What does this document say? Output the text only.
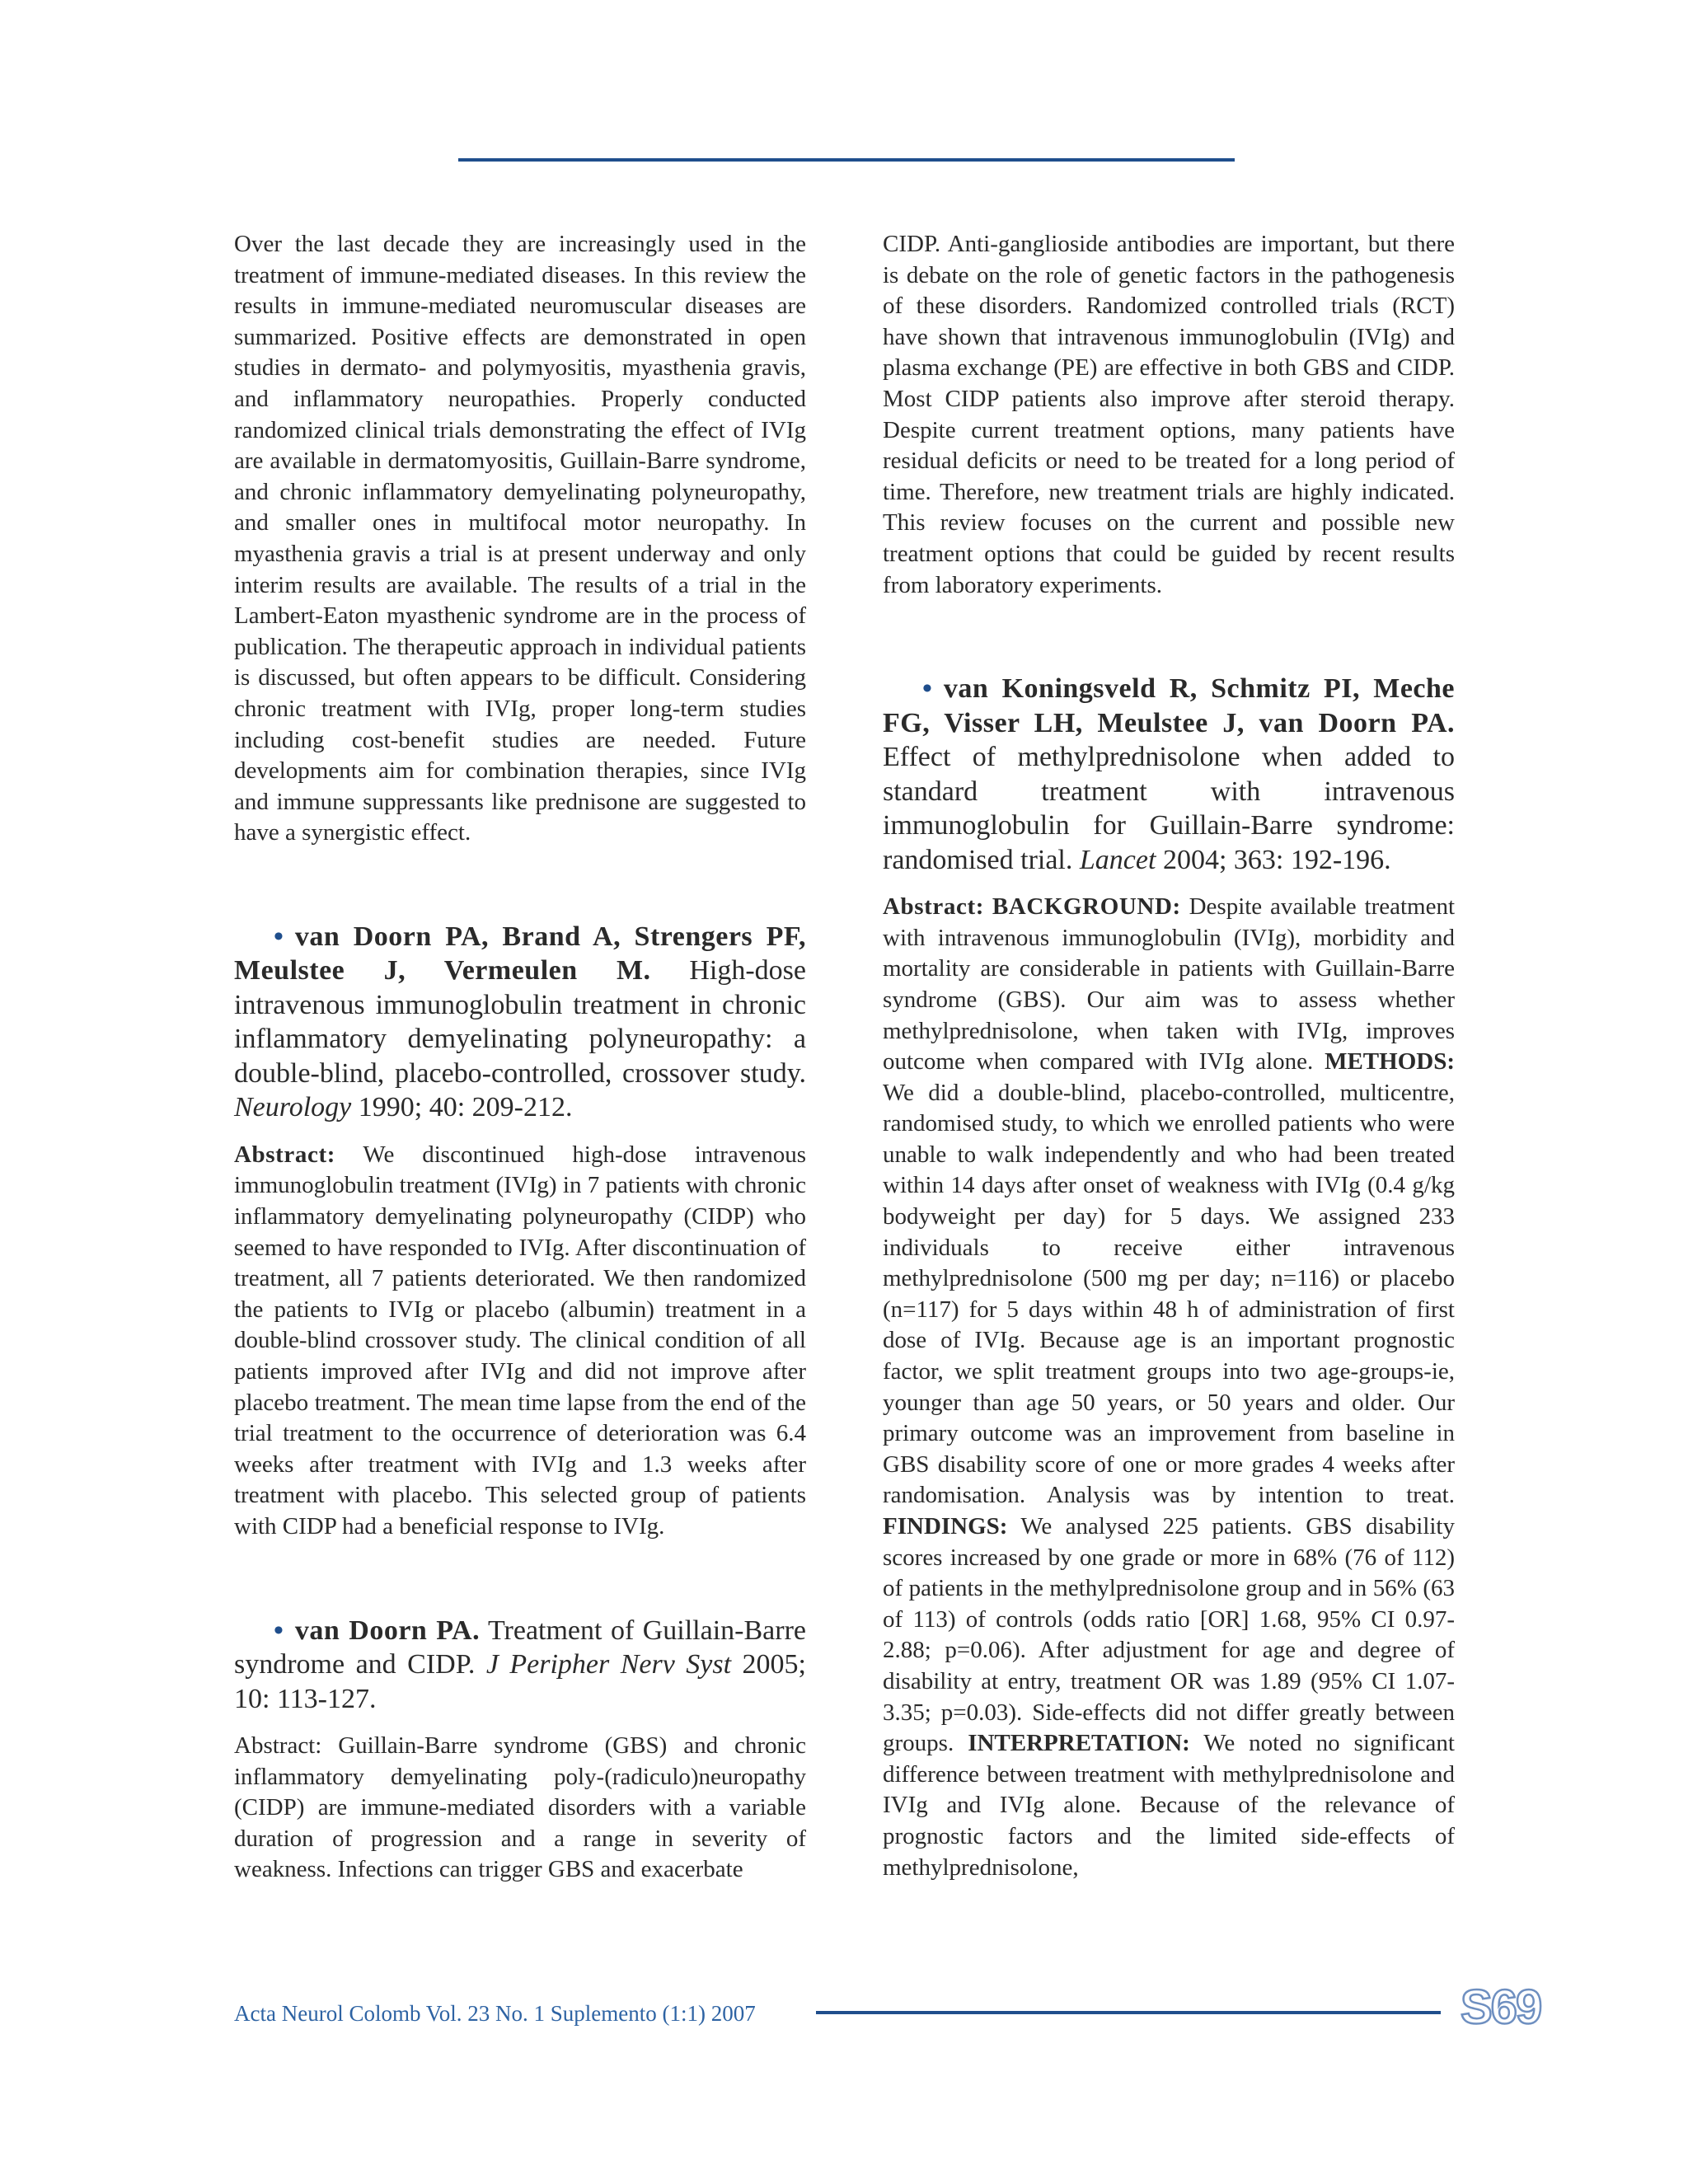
Over the last decade they are increasingly used in the treatment of immune-mediated diseases. In this review the results in immune-mediated neuromuscular diseases are summarized. Positive effects are demonstrated in open studies in dermato- and polymyositis, myasthenia gravis, and inflammatory neuropathies. Properly conducted randomized clinical trials demonstrating the effect of IVIg are available in dermatomyositis, Guillain-Barre syndrome, and chronic inflammatory demyelinating polyneuropathy, and smaller ones in multifocal motor neuropathy. In myasthenia gravis a trial is at present underway and only interim results are available. The results of a trial in the Lambert-Eaton myasthenic syndrome are in the process of publication. The therapeutic approach in individual patients is discussed, but often appears to be difficult. Considering chronic treatment with IVIg, proper long-term studies including cost-benefit studies are needed. Future developments aim for combination therapies, since IVIg and immune suppressants like prednisone are suggested to have a synergistic effect.

• van Doorn PA, Brand A, Strengers PF, Meulstee J, Vermeulen M. High-dose intravenous immunoglobulin treatment in chronic inflammatory demyelinating polyneuropathy: a double-blind, placebo-controlled, crossover study. Neurology 1990; 40: 209-212.

Abstract: We discontinued high-dose intravenous immunoglobulin treatment (IVIg) in 7 patients with chronic inflammatory demyelinating polyneuropathy (CIDP) who seemed to have responded to IVIg. After discontinuation of treatment, all 7 patients deteriorated. We then randomized the patients to IVIg or placebo (albumin) treatment in a double-blind crossover study. The clinical condition of all patients improved after IVIg and did not improve after placebo treatment. The mean time lapse from the end of the trial treatment to the occurrence of deterioration was 6.4 weeks after treatment with IVIg and 1.3 weeks after treatment with placebo. This selected group of patients with CIDP had a beneficial response to IVIg.

• van Doorn PA. Treatment of Guillain-Barre syndrome and CIDP. J Peripher Nerv Syst 2005; 10: 113-127.

Abstract: Guillain-Barre syndrome (GBS) and chronic inflammatory demyelinating poly-(radiculo)neuropathy (CIDP) are immune-mediated disorders with a variable duration of progression and a range in severity of weakness. Infections can trigger GBS and exacerbate

CIDP. Anti-ganglioside antibodies are important, but there is debate on the role of genetic factors in the pathogenesis of these disorders. Randomized controlled trials (RCT) have shown that intravenous immunoglobulin (IVIg) and plasma exchange (PE) are effective in both GBS and CIDP. Most CIDP patients also improve after steroid therapy. Despite current treatment options, many patients have residual deficits or need to be treated for a long period of time. Therefore, new treatment trials are highly indicated. This review focuses on the current and possible new treatment options that could be guided by recent results from laboratory experiments.

• van Koningsveld R, Schmitz PI, Meche FG, Visser LH, Meulstee J, van Doorn PA. Effect of methylprednisolone when added to standard treatment with intravenous immunoglobulin for Guillain-Barre syndrome: randomised trial. Lancet 2004; 363: 192-196.

Abstract: BACKGROUND: Despite available treatment with intravenous immunoglobulin (IVIg), morbidity and mortality are considerable in patients with Guillain-Barre syndrome (GBS). Our aim was to assess whether methylprednisolone, when taken with IVIg, improves outcome when compared with IVIg alone. METHODS: We did a double-blind, placebo-controlled, multicentre, randomised study, to which we enrolled patients who were unable to walk independently and who had been treated within 14 days after onset of weakness with IVIg (0.4 g/kg bodyweight per day) for 5 days. We assigned 233 individuals to receive either intravenous methylprednisolone (500 mg per day; n=116) or placebo (n=117) for 5 days within 48 h of administration of first dose of IVIg. Because age is an important prognostic factor, we split treatment groups into two age-groups-ie, younger than age 50 years, or 50 years and older. Our primary outcome was an improvement from baseline in GBS disability score of one or more grades 4 weeks after randomisation. Analysis was by intention to treat. FINDINGS: We analysed 225 patients. GBS disability scores increased by one grade or more in 68% (76 of 112) of patients in the methylprednisolone group and in 56% (63 of 113) of controls (odds ratio [OR] 1.68, 95% CI 0.97-2.88; p=0.06). After adjustment for age and degree of disability at entry, treatment OR was 1.89 (95% CI 1.07-3.35; p=0.03). Side-effects did not differ greatly between groups. INTERPRETATION: We noted no significant difference between treatment with methylprednisolone and IVIg and IVIg alone. Because of the relevance of prognostic factors and the limited side-effects of methylprednisolone,

Acta Neurol Colomb Vol. 23 No. 1 Suplemento (1:1) 2007	S69
